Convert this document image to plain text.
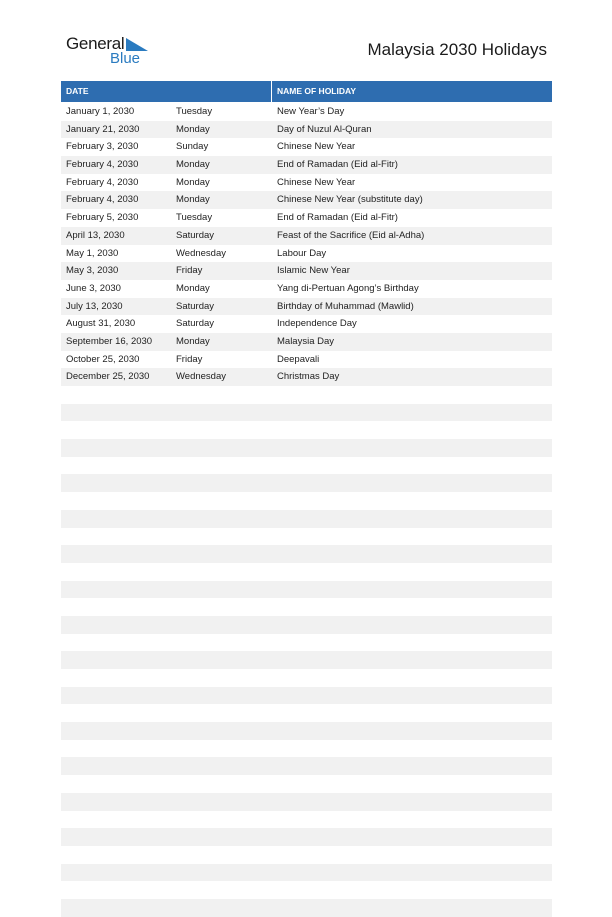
General
Blue	Malaysia 2030 Holidays
DATE	NAME OF HOLIDAY
January 1, 2030	Tuesday	New Year’s Day
January 21, 2030	Monday	Day of Nuzul Al-Quran
February 3, 2030	Sunday	Chinese New Year
February 4, 2030	Monday	End of Ramadan (Eid al-Fitr)
February 4, 2030	Monday	Chinese New Year
February 4, 2030	Monday	Chinese New Year (substitute day)
February 5, 2030	Tuesday	End of Ramadan (Eid al-Fitr)
April 13, 2030	Saturday	Feast of the Sacrifice (Eid al-Adha)
May 1, 2030	Wednesday	Labour Day
May 3, 2030	Friday	Islamic New Year
June 3, 2030	Monday	Yang di-Pertuan Agong’s Birthday
July 13, 2030	Saturday	Birthday of Muhammad (Mawlid)
August 31, 2030	Saturday	Independence Day
September 16, 2030	Monday	Malaysia Day
October 25, 2030	Friday	Deepavali
December 25, 2030	Wednesday	Christmas Day
